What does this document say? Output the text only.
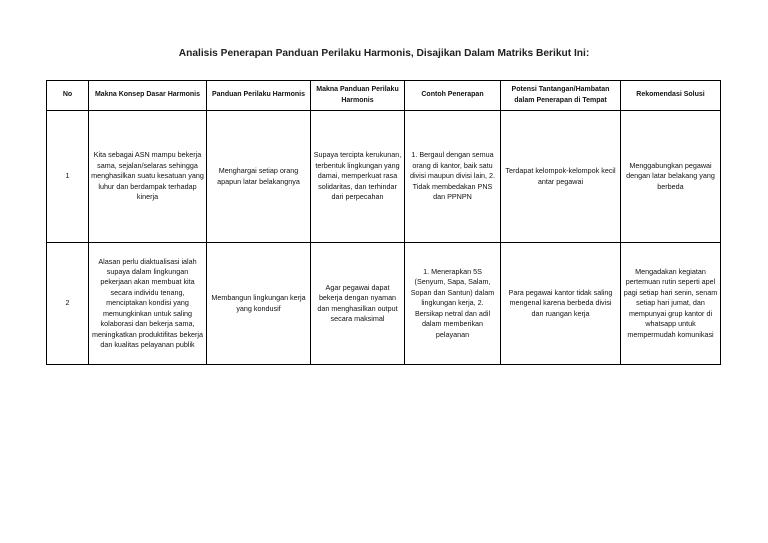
Analisis Penerapan Panduan Perilaku Harmonis, Disajikan Dalam Matriks Berikut Ini:
No	Makna Konsep Dasar Harmonis	Panduan Perilaku Harmonis	Makna Panduan Perilaku Harmonis	Contoh Penerapan	Potensi Tantangan/Hambatan dalam Penerapan di Tempat	Rekomendasi Solusi
1	Kita sebagai ASN mampu bekerja sama, sejalan/selaras sehingga menghasilkan suatu kesatuan yang luhur dan berdampak terhadap kinerja	Menghargai setiap orang apapun latar belakangnya	Supaya tercipta kerukunan, terbentuk lingkungan yang damai, memperkuat rasa solidaritas, dan terhindar dari perpecahan	1. Bergaul dengan semua orang di kantor, baik satu divisi maupun divisi lain, 2. Tidak membedakan PNS dan PPNPN	Terdapat kelompok-kelompok kecil antar pegawai	Menggabungkan pegawai dengan latar belakang yang berbeda
2	Alasan perlu diaktualisasi ialah supaya dalam lingkungan pekerjaan akan membuat kita secara individu tenang, menciptakan kondisi yang memungkinkan untuk saling kolaborasi dan bekerja sama, meningkatkan produktifitas bekerja dan kualitas pelayanan publik	Membangun lingkungan kerja yang kondusif	Agar pegawai dapat bekerja dengan nyaman dan menghasilkan output secara maksimal	1. Menerapkan 5S (Senyum, Sapa, Salam, Sopan dan Santun) dalam lingkungan kerja, 2. Bersikap netral dan adil dalam memberikan pelayanan	Para pegawai kantor tidak saling mengenal karena berbeda divisi dan ruangan kerja	Mengadakan kegiatan pertemuan rutin seperti apel pagi setiap hari senin, senam setiap hari jumat, dan mempunyai grup kantor di whatsapp untuk mempermudah komunikasi
